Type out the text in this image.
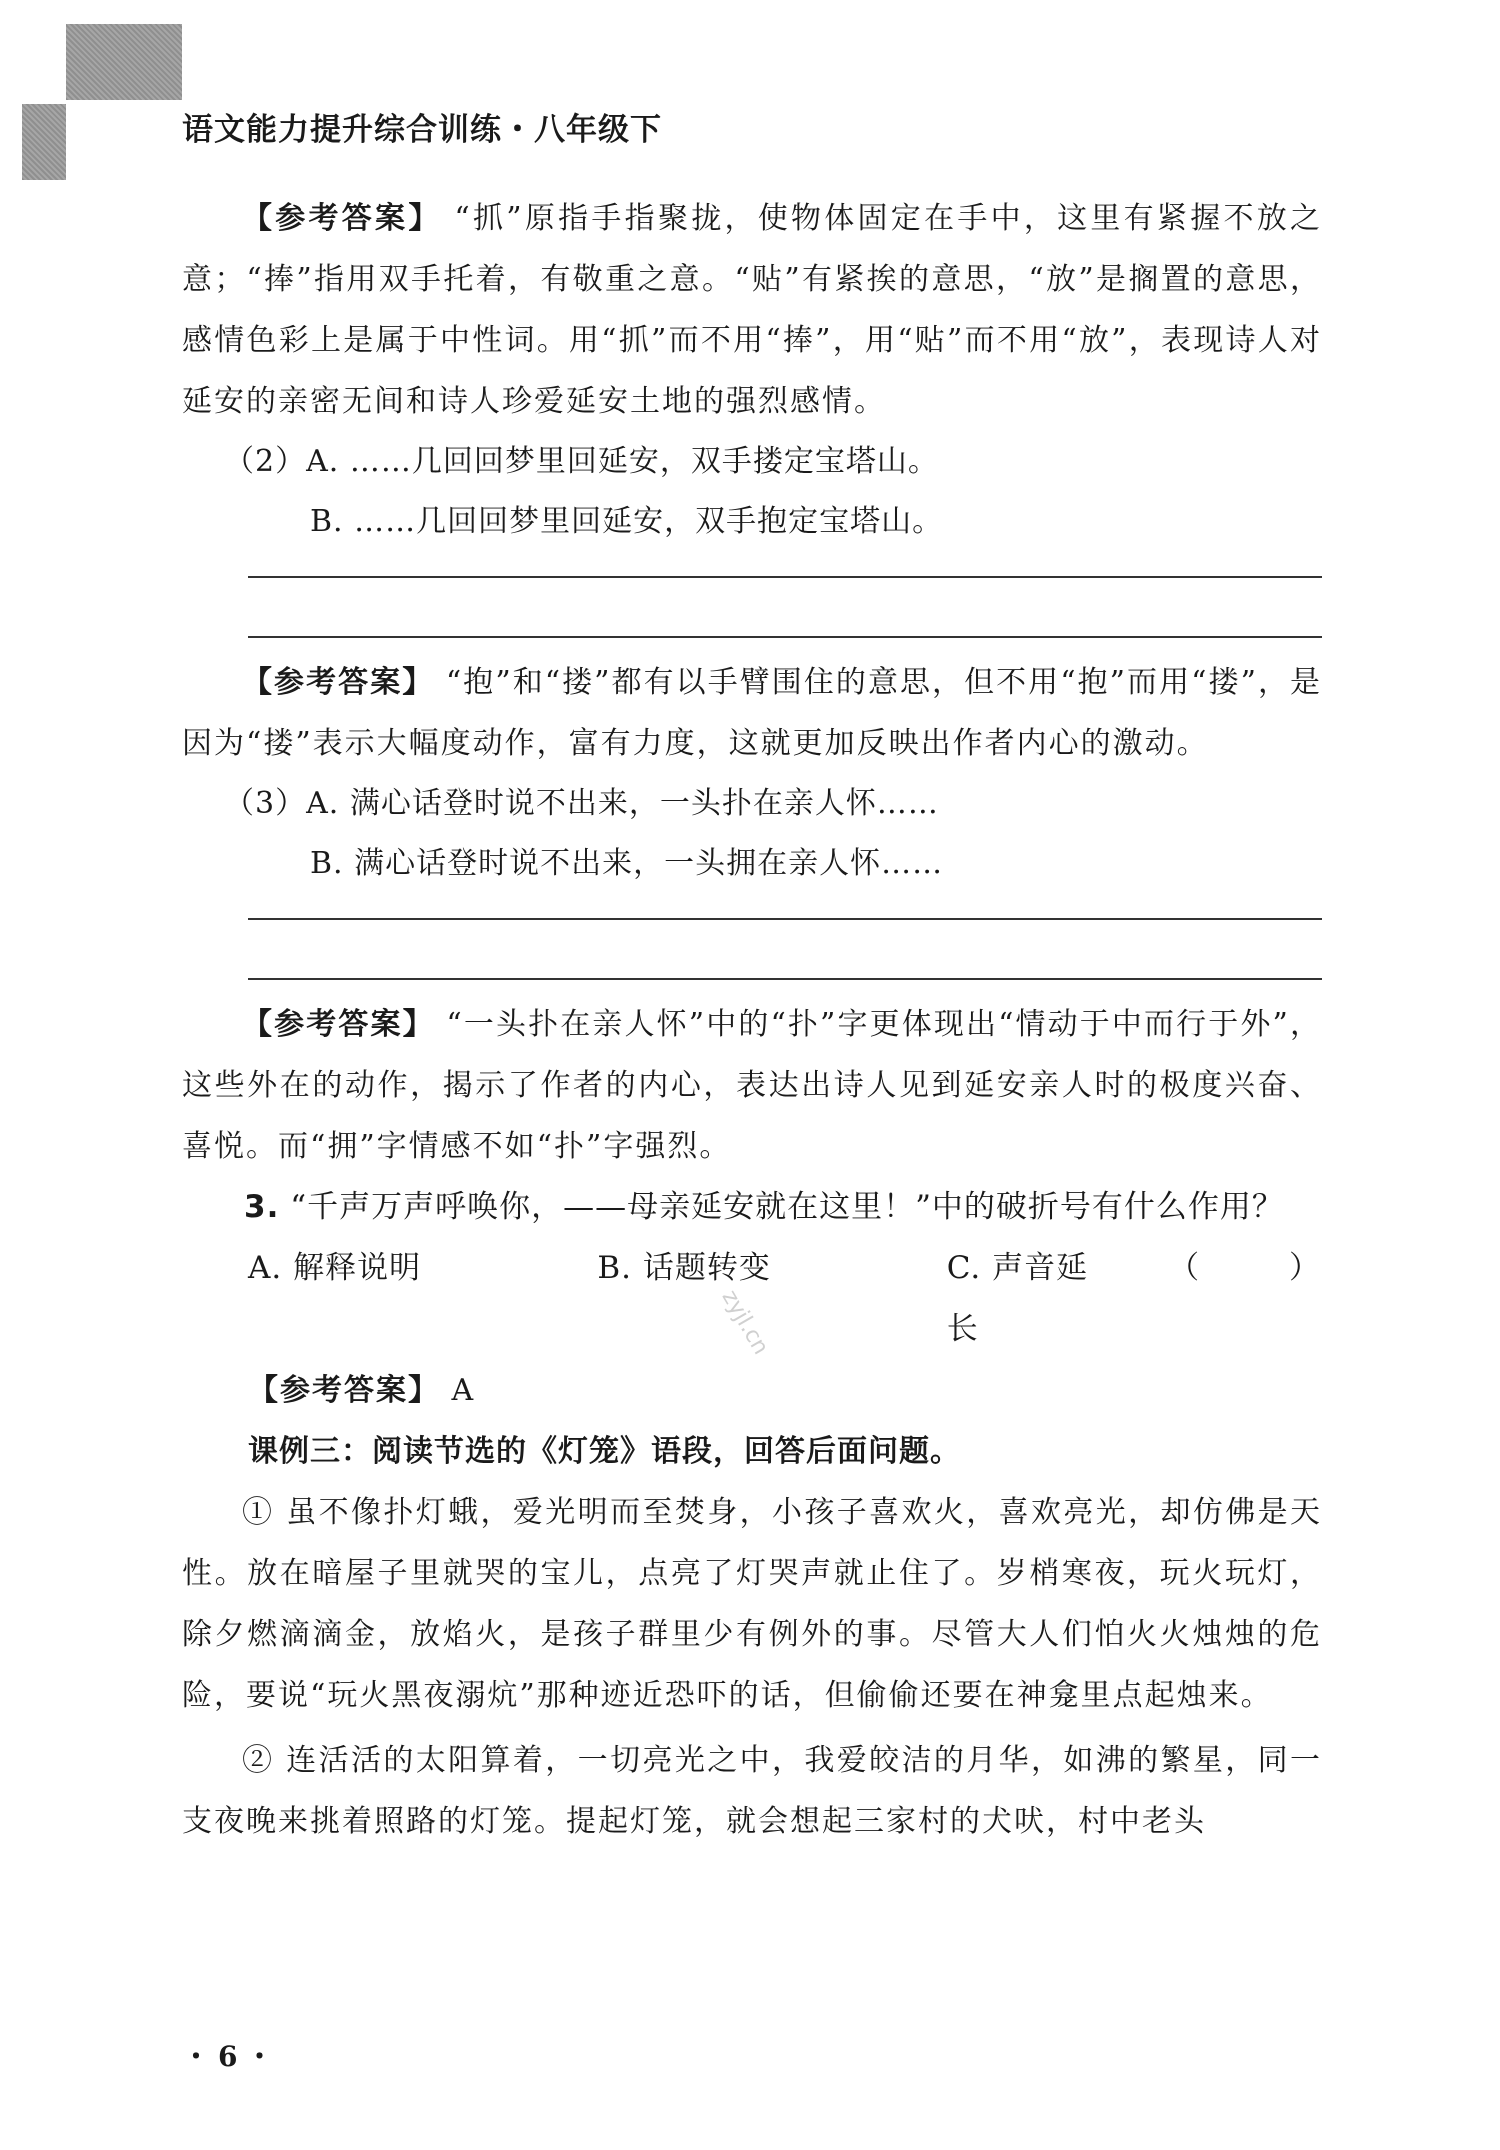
语文能力提升综合训练・八年级下

【参考答案】 “抓”原指手指聚拢，使物体固定在手中，这里有紧握不放之意；“捧”指用双手托着，有敬重之意。“贴”有紧挨的意思，“放”是搁置的意思，感情色彩上是属于中性词。用“抓”而不用“捧”，用“贴”而不用“放”，表现诗人对延安的亲密无间和诗人珍爱延安土地的强烈感情。

（2）A. ……几回回梦里回延安，双手搂定宝塔山。

B. ……几回回梦里回延安，双手抱定宝塔山。

【参考答案】 “抱”和“搂”都有以手臂围住的意思，但不用“抱”而用“搂”，是因为“搂”表示大幅度动作，富有力度，这就更加反映出作者内心的激动。

（3）A. 满心话登时说不出来，一头扑在亲人怀……

B. 满心话登时说不出来，一头拥在亲人怀……

【参考答案】 “一头扑在亲人怀”中的“扑”字更体现出“情动于中而行于外”，这些外在的动作，揭示了作者的内心，表达出诗人见到延安亲人时的极度兴奋、喜悦。而“拥”字情感不如“扑”字强烈。

3. “千声万声呼唤你，——母亲延安就在这里！”中的破折号有什么作用？
（ ）

A. 解释说明	B. 话题转变	C. 声音延长

【参考答案】 A

课例三：阅读节选的《灯笼》语段，回答后面问题。

① 虽不像扑灯蛾，爱光明而至焚身，小孩子喜欢火，喜欢亮光，却仿佛是天性。放在暗屋子里就哭的宝儿，点亮了灯哭声就止住了。岁梢寒夜，玩火玩灯，除夕燃滴滴金，放焰火，是孩子群里少有例外的事。尽管大人们怕火火烛烛的危险，要说“玩火黑夜溺炕”那种迹近恐吓的话，但偷偷还要在神龛里点起烛来。

② 连活活的太阳算着，一切亮光之中，我爱皎洁的月华，如沸的繁星，同一支夜晚来挑着照路的灯笼。提起灯笼，就会想起三家村的犬吠，村中老头

zyjl.cn
・6・
